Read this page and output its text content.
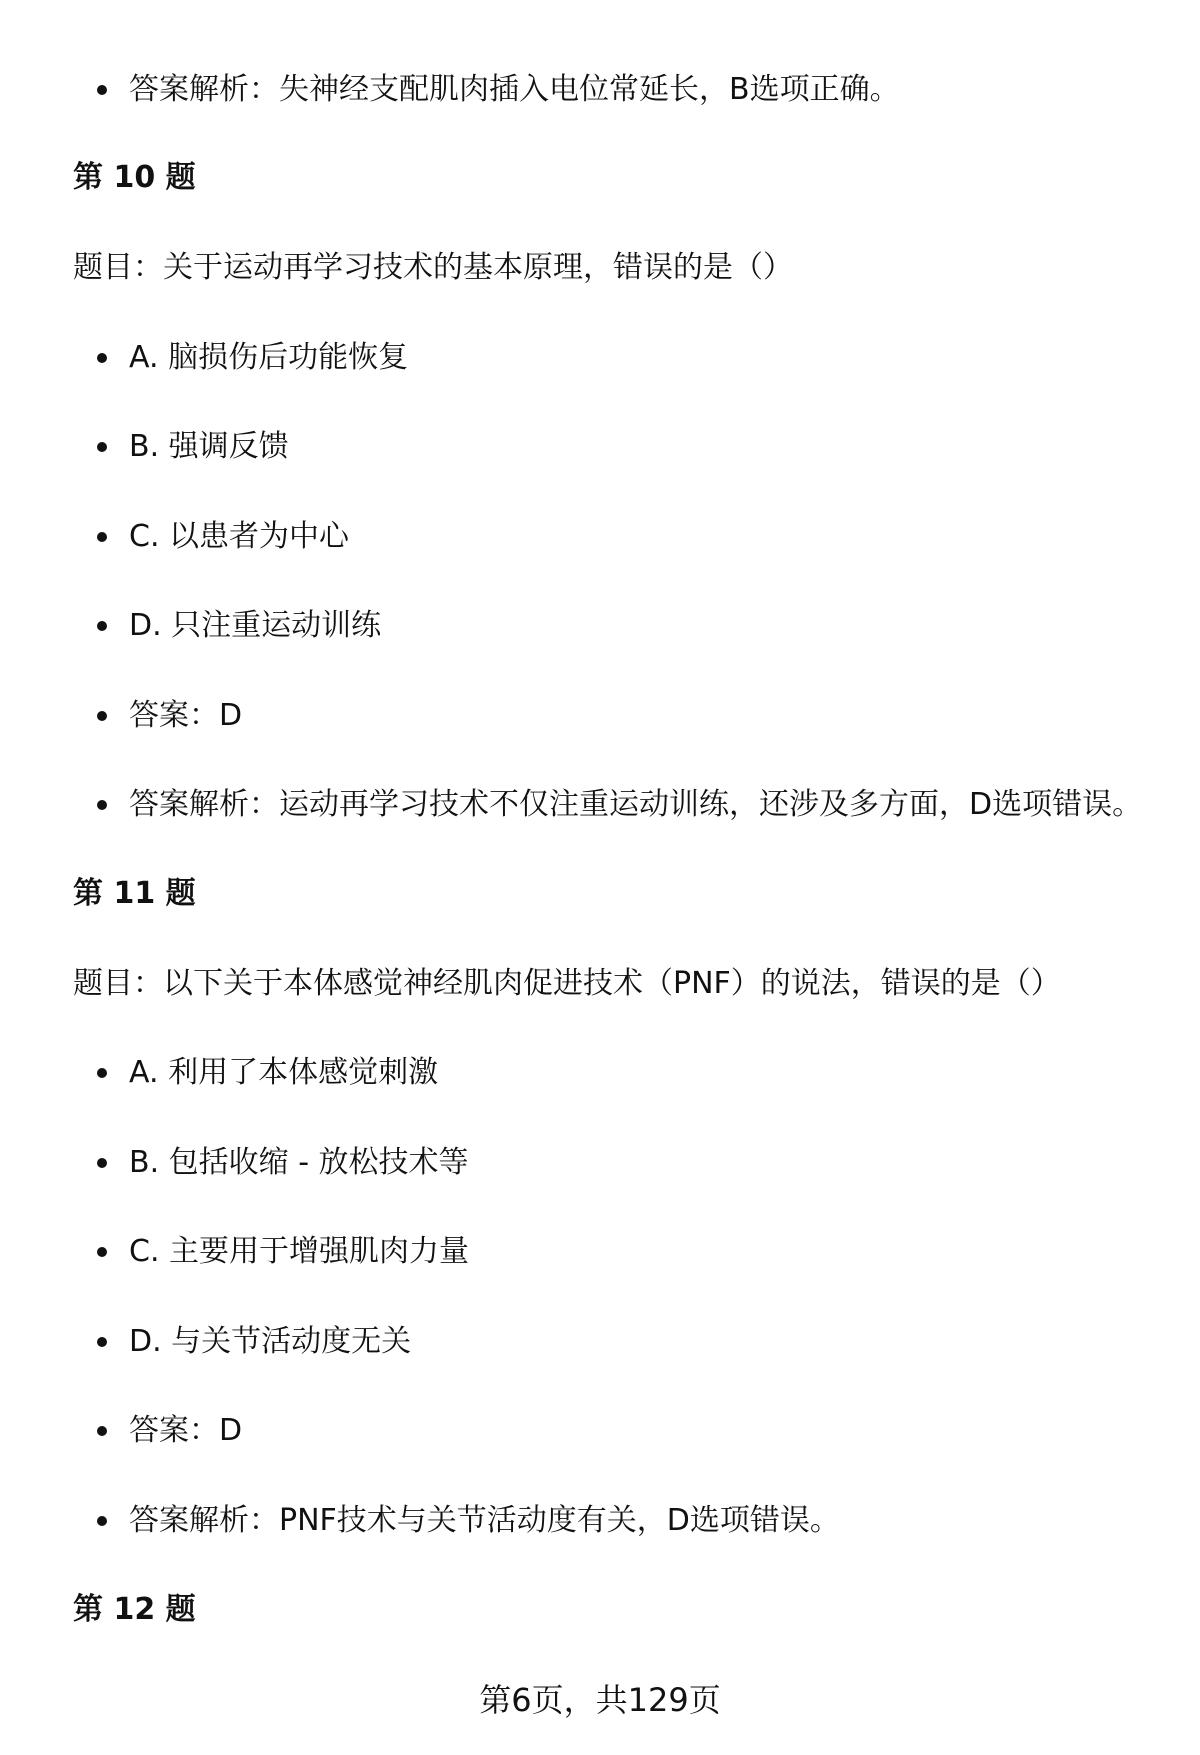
答案解析：失神经支配肌肉插入电位常延长，B选项正确。
第 10 题
题目：关于运动再学习技术的基本原理，错误的是（）
A. 脑损伤后功能恢复
B. 强调反馈
C. 以患者为中心
D. 只注重运动训练
答案：D
答案解析：运动再学习技术不仅注重运动训练，还涉及多方面，D选项错误。
第 11 题
题目：以下关于本体感觉神经肌肉促进技术（PNF）的说法，错误的是（）
A. 利用了本体感觉刺激
B. 包括收缩 - 放松技术等
C. 主要用于增强肌肉力量
D. 与关节活动度无关
答案：D
答案解析：PNF技术与关节活动度有关，D选项错误。
第 12 题
第6页，共129页
